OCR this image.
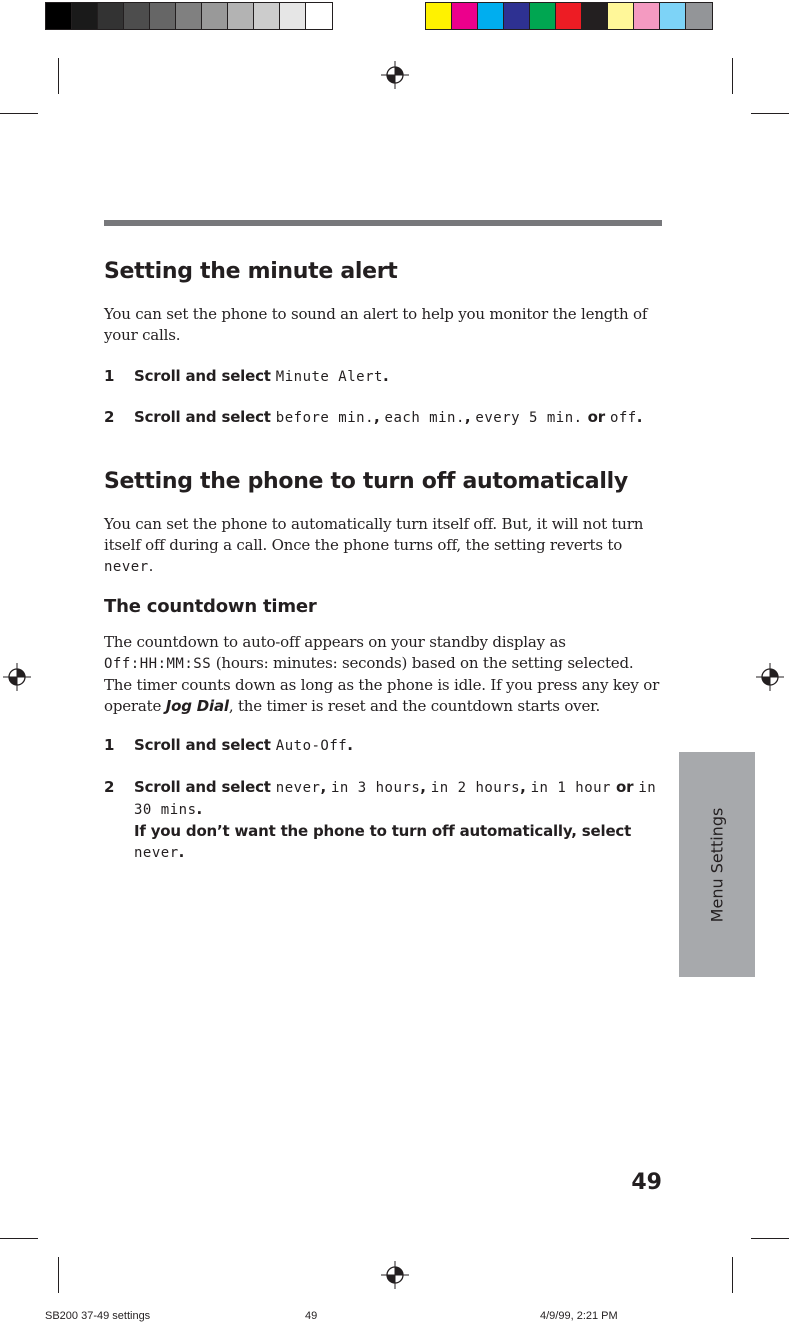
Setting the minute alert
You can set the phone to sound an alert to help you monitor the length of your calls.
1 Scroll and select Minute Alert.
2 Scroll and select before min., each min., every 5 min. or off.
Setting the phone to turn off automatically
You can set the phone to automatically turn itself off. But, it will not turn itself off during a call. Once the phone turns off, the setting reverts to never.
The countdown timer
The countdown to auto-off appears on your standby display as Off:HH:MM:SS (hours: minutes: seconds) based on the setting selected. The timer counts down as long as the phone is idle. If you press any key or operate Jog Dial, the timer is reset and the countdown starts over.
1 Scroll and select Auto-Off.
2 Scroll and select never, in 3 hours, in 2 hours, in 1 hour or in 30 mins.
If you don’t want the phone to turn off automatically, select never.	Menu Settings
49
SB200 37-49 settings	49	4/9/99, 2:21 PM
